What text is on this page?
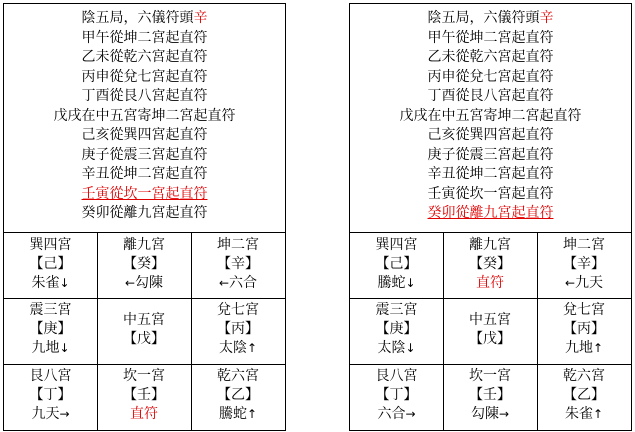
陰五局，六儀符頭辛
甲午從坤二宮起直符
乙未從乾六宮起直符
丙申從兌七宮起直符
丁酉從艮八宮起直符
戊戌在中五宮寄坤二宮起直符
己亥從巽四宮起直符
庚子從震三宮起直符
辛丑從坤二宮起直符
壬寅從坎一宮起直符
癸卯從離九宮起直符
巽四宮
【己】
朱雀↓
離九宮
【癸】
←勾陳
坤二宮
【辛】
←六合
震三宮
【庚】
九地↓
中五宮
【戊】
兌七宮
【丙】
太陰↑
艮八宮
【丁】
九天→
坎一宮
【壬】
直符
乾六宮
【乙】
騰蛇↑
陰五局，六儀符頭辛
甲午從坤二宮起直符
乙未從乾六宮起直符
丙申從兌七宮起直符
丁酉從艮八宮起直符
戊戌在中五宮寄坤二宮起直符
己亥從巽四宮起直符
庚子從震三宮起直符
辛丑從坤二宮起直符
壬寅從坎一宮起直符
癸卯從離九宮起直符
巽四宮
【己】
騰蛇↓
離九宮
【癸】
直符
坤二宮
【辛】
←九天
震三宮
【庚】
太陰↓
中五宮
【戊】
兌七宮
【丙】
九地↑
艮八宮
【丁】
六合→
坎一宮
【壬】
勾陳→
乾六宮
【乙】
朱雀↑
